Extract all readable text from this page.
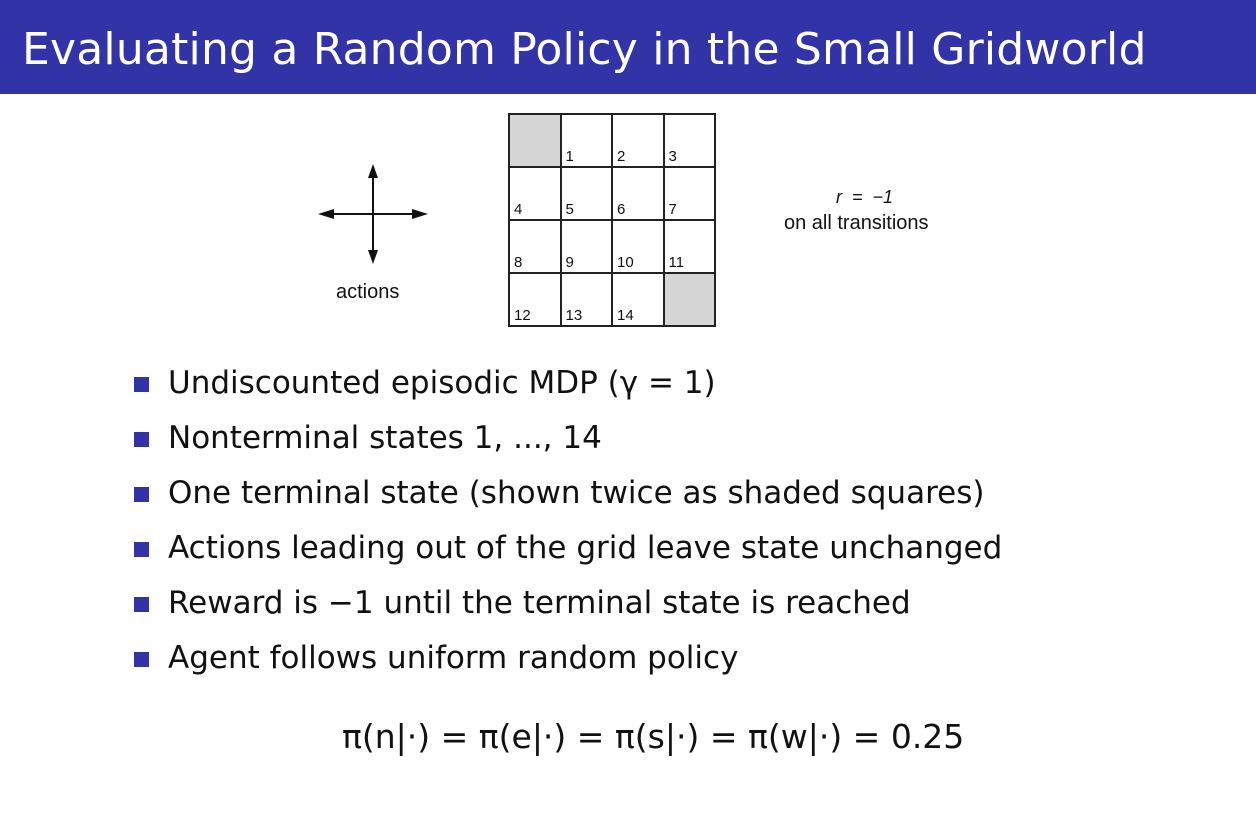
Evaluating a Random Policy in the Small Gridworld
actions

	1	2	3

4	5	6	7

8	9	10	11

12	13	14	

r  =  −1
on all transitions
Undiscounted episodic MDP (γ = 1)
Nonterminal states 1, ..., 14
One terminal state (shown twice as shaded squares)
Actions leading out of the grid leave state unchanged
Reward is −1 until the terminal state is reached
Agent follows uniform random policy
π(n|·) = π(e|·) = π(s|·) = π(w|·) = 0.25
